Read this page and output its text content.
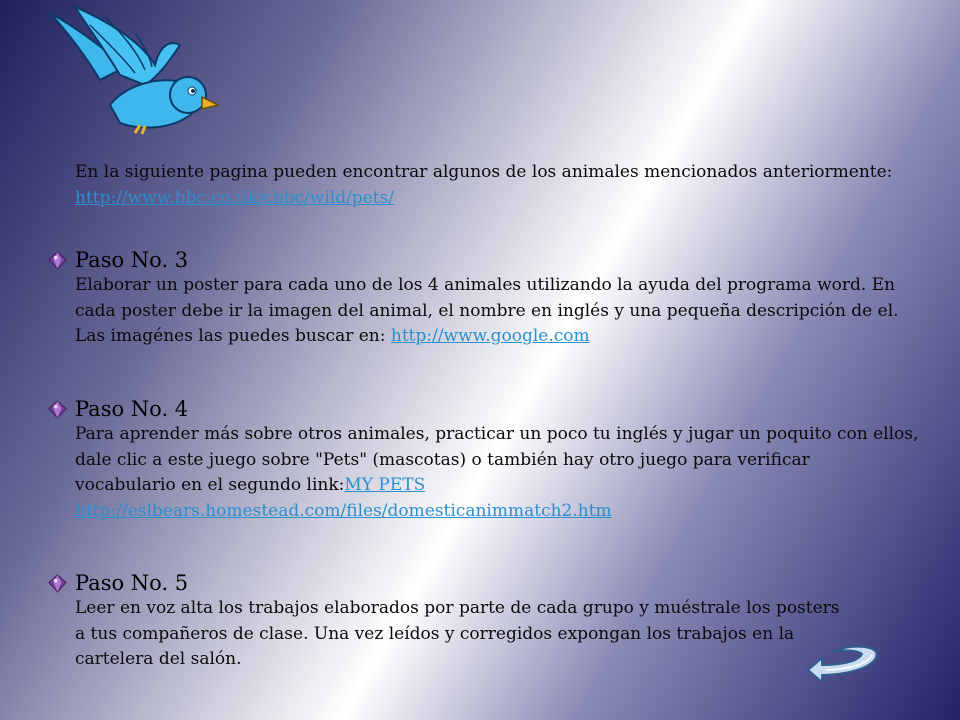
En la siguiente pagina pueden encontrar algunos de los animales mencionados anteriormente:

http://www.bbc.co.uk/cbbc/wild/pets/

Paso No. 3

Elaborar un poster para cada uno de los 4 animales utilizando la ayuda del programa word. En

cada poster debe ir la imagen del animal, el nombre en inglés y una pequeña descripción de el.

Las imagénes las puedes buscar en: http://www.google.com

Paso No. 4

Para aprender más sobre otros animales, practicar un poco tu inglés y jugar un poquito con ellos,

dale clic a este juego sobre "Pets" (mascotas) o también hay otro juego para verificar

vocabulario en el segundo link:MY PETS

http://eslbears.homestead.com/files/domesticanimmatch2.htm

Paso No. 5

Leer en voz alta los trabajos elaborados por parte de cada grupo y muéstrale los posters

a tus compañeros de clase. Una vez leídos y corregidos expongan los trabajos en la

cartelera del salón.
